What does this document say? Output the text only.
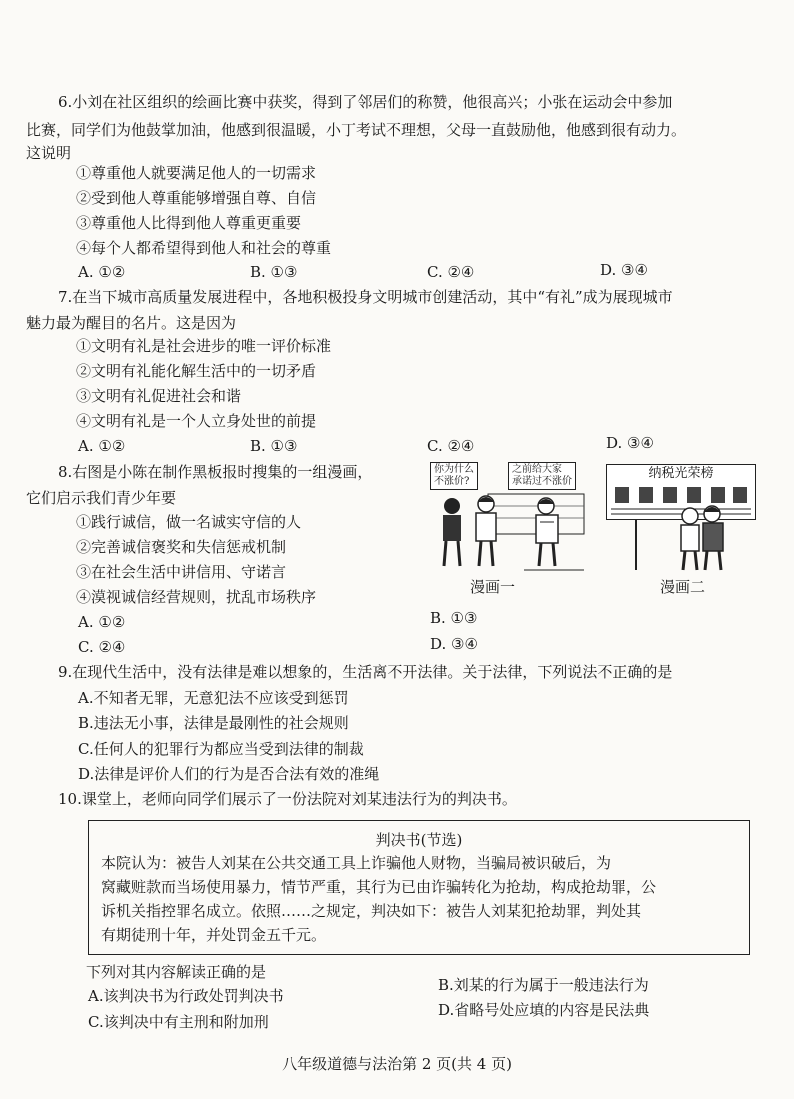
6.小刘在社区组织的绘画比赛中获奖，得到了邻居们的称赞，他很高兴；小张在运动会中参加
比赛，同学们为他鼓掌加油，他感到很温暖，小丁考试不理想，父母一直鼓励他，他感到很有动力。
这说明
①尊重他人就要满足他人的一切需求
②受到他人尊重能够增强自尊、自信
③尊重他人比得到他人尊重更重要
④每个人都希望得到他人和社会的尊重
A. ①②	B. ①③	C. ②④	D. ③④
7.在当下城市高质量发展进程中，各地积极投身文明城市创建活动，其中“有礼”成为展现城市
魅力最为醒目的名片。这是因为
①文明有礼是社会进步的唯一评价标准
②文明有礼能化解生活中的一切矛盾
③文明有礼促进社会和谐
④文明有礼是一个人立身处世的前提
A. ①②	B. ①③	C. ②④	D. ③④
8.右图是小陈在制作黑板报时搜集的一组漫画，
它们启示我们青少年要
①践行诚信，做一名诚实守信的人
②完善诚信褒奖和失信惩戒机制
③在社会生活中讲信用、守诺言
④漠视诚信经营规则，扰乱市场秩序
A. ①②	B. ①③
C. ②④	D. ③④
你为什么
不涨价?
之前给大家
承诺过不涨价
漫画一
纳税光荣榜
漫画二
9.在现代生活中，没有法律是难以想象的，生活离不开法律。关于法律，下列说法不正确的是
A.不知者无罪，无意犯法不应该受到惩罚
B.违法无小事，法律是最刚性的社会规则
C.任何人的犯罪行为都应当受到法律的制裁
D.法律是评价人们的行为是否合法有效的准绳
10.课堂上，老师向同学们展示了一份法院对刘某违法行为的判决书。
判决书(节选)
本院认为：被告人刘某在公共交通工具上诈骗他人财物，当骗局被识破后，为
窝藏赃款而当场使用暴力，情节严重，其行为已由诈骗转化为抢劫，构成抢劫罪，公
诉机关指控罪名成立。依照……之规定，判决如下：被告人刘某犯抢劫罪，判处其
有期徒刑十年，并处罚金五千元。
下列对其内容解读正确的是
A.该判决书为行政处罚判决书
B.刘某的行为属于一般违法行为
C.该判决中有主刑和附加刑
D.省略号处应填的内容是民法典
八年级道德与法治第 2 页(共 4 页)
